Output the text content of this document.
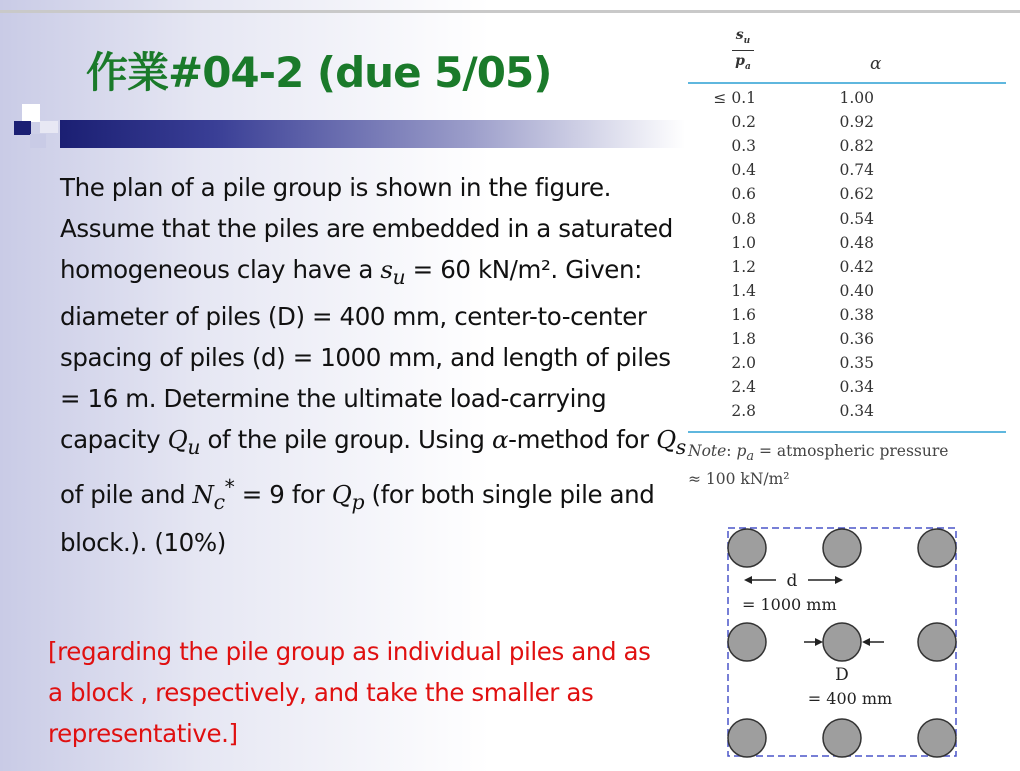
作業#04-2 (due 5/05)

The plan of a pile group is shown in the figure. Assume that the piles are embedded in a saturated homogeneous clay have a $s_u = 60$ kN/m². Given: diameter of piles (D) = 400 mm, center-to-center spacing of piles (d) = 1000 mm, and length of piles = 16 m. Determine the ultimate load-carrying capacity $Q_u$ of the pile group. Using α-method for $Q_s$ of pile and $N_c^* = 9$ for $Q_p$ (for both single pile and block.). (10%)

[regarding the pile group as individual piles and as a block , respectively, and take the smaller as representative.]

$\frac{s_u}{p_a}$	α
≤ 0.1	1.00
0.2	0.92
0.3	0.82
0.4	0.74
0.6	0.62
0.8	0.54
1.0	0.48
1.2	0.42
1.4	0.40
1.6	0.38
1.8	0.36
2.0	0.35
2.4	0.34
2.8	0.34
Note: $p_a$ = atmospheric pressure
≈ 100 kN/m²
d
= 1000 mm
D
= 400 mm
